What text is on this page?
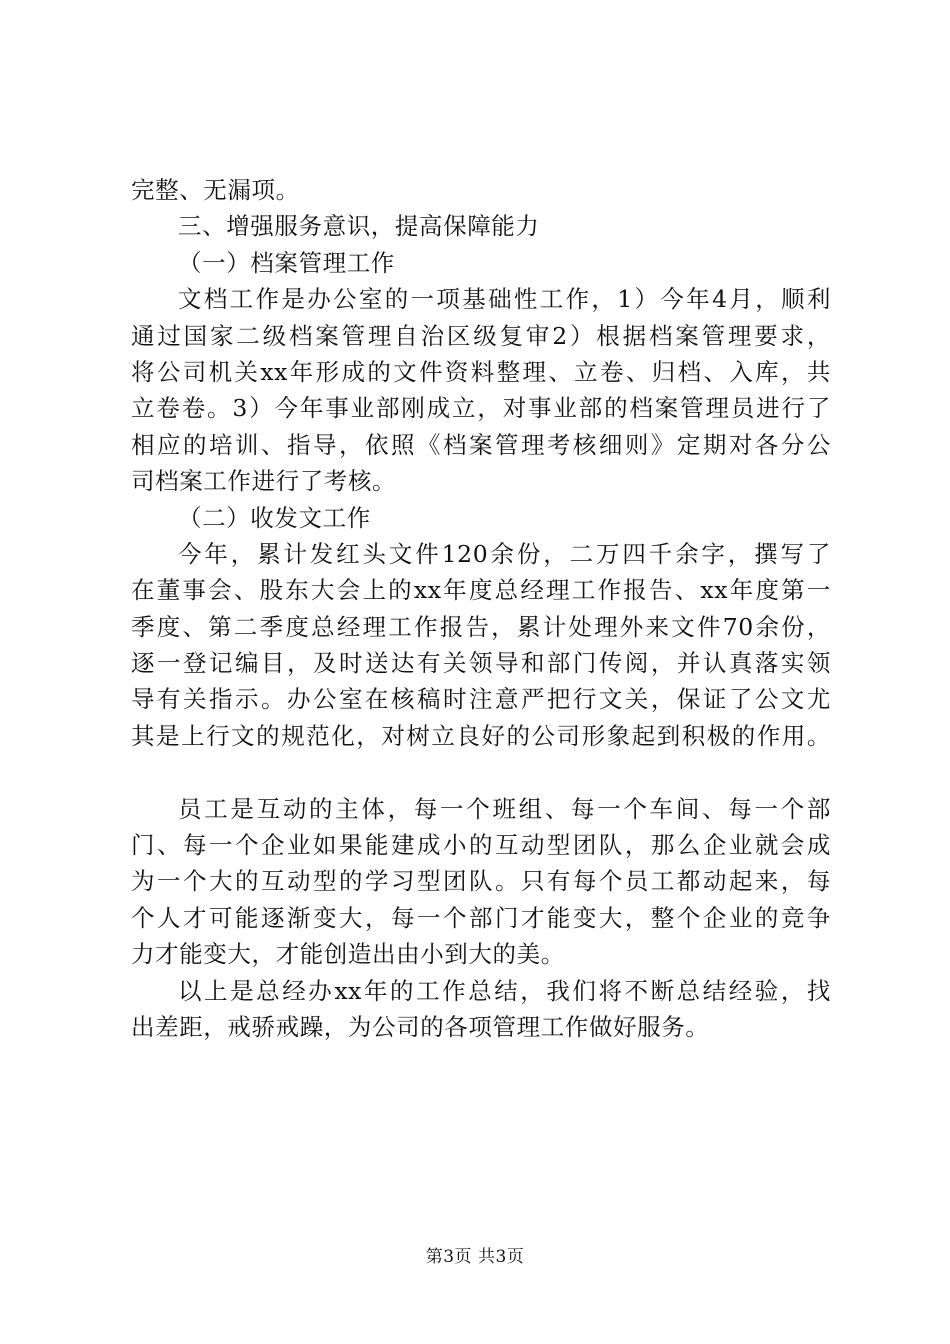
完整、无漏项。
三、增强服务意识，提高保障能力
（一）档案管理工作
文档工作是办公室的一项基础性工作，1）今年4月，顺利
通过国家二级档案管理自治区级复审2）根据档案管理要求，
将公司机关xx年形成的文件资料整理、立卷、归档、入库，共
立卷卷。3）今年事业部刚成立，对事业部的档案管理员进行了
相应的培训、指导，依照《档案管理考核细则》定期对各分公
司档案工作进行了考核。
（二）收发文工作
今年，累计发红头文件120余份，二万四千余字，撰写了
在董事会、股东大会上的xx年度总经理工作报告、xx年度第一
季度、第二季度总经理工作报告，累计处理外来文件70余份，
逐一登记编目，及时送达有关领导和部门传阅，并认真落实领
导有关指示。办公室在核稿时注意严把行文关，保证了公文尤
其是上行文的规范化，对树立良好的公司形象起到积极的作用。
员工是互动的主体，每一个班组、每一个车间、每一个部
门、每一个企业如果能建成小的互动型团队，那么企业就会成
为一个大的互动型的学习型团队。只有每个员工都动起来，每
个人才可能逐渐变大，每一个部门才能变大，整个企业的竞争
力才能变大，才能创造出由小到大的美。
以上是总经办xx年的工作总结，我们将不断总结经验，找
出差距，戒骄戒躁，为公司的各项管理工作做好服务。
第3页 共3页
